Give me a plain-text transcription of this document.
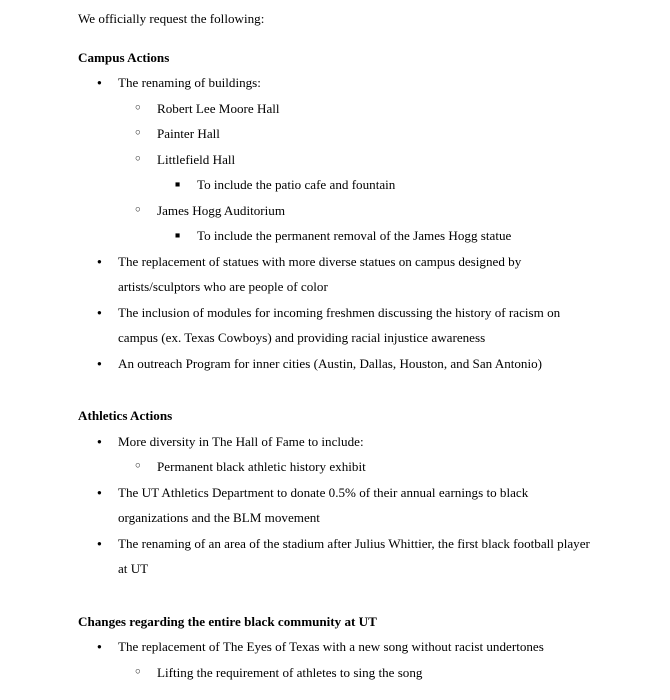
We officially request the following:

Campus Actions

● The renaming of buildings:
○ Robert Lee Moore Hall
○ Painter Hall
○ Littlefield Hall
■ To include the patio cafe and fountain
○ James Hogg Auditorium
■ To include the permanent removal of the James Hogg statue
● The replacement of statues with more diverse statues on campus designed by artists/sculptors who are people of color
● The inclusion of modules for incoming freshmen discussing the history of racism on campus (ex. Texas Cowboys) and providing racial injustice awareness
● An outreach Program for inner cities (Austin, Dallas, Houston, and San Antonio)

Athletics Actions

● More diversity in The Hall of Fame to include:
○ Permanent black athletic history exhibit
● The UT Athletics Department to donate 0.5% of their annual earnings to black organizations and the BLM movement
● The renaming of an area of the stadium after Julius Whittier, the first black football player at UT

Changes regarding the entire black community at UT

● The replacement of The Eyes of Texas with a new song without racist undertones
○ Lifting the requirement of athletes to sing the song
